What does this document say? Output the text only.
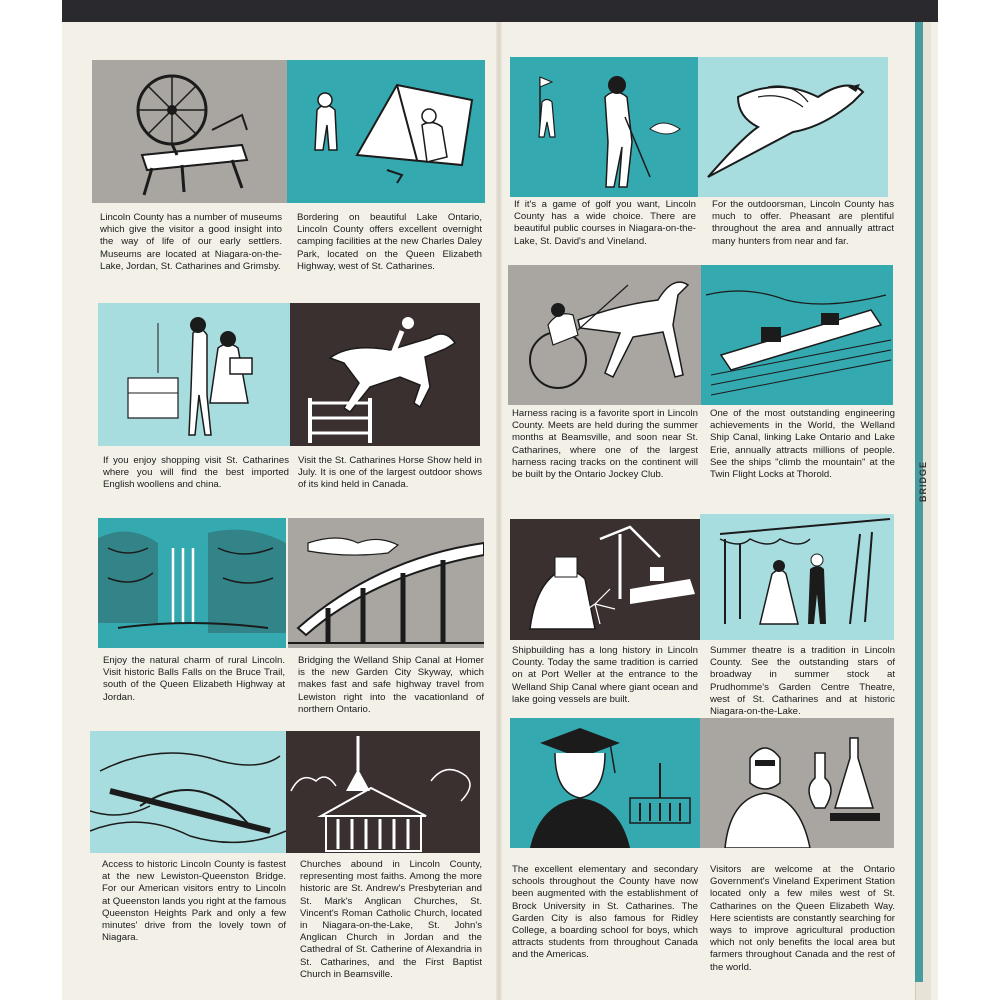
BRIDGE
Lincoln County has a number of museums which give the visitor a good insight into the way of life of our early settlers. Museums are located at Niagara-on-the-Lake, Jordan, St. Catharines and Grimsby.
Bordering on beautiful Lake Ontario, Lincoln County offers excellent overnight camping facilities at the new Charles Daley Park, located on the Queen Elizabeth Highway, west of St. Catharines.
If you enjoy shopping visit St. Catharines where you will find the best imported English woollens and china.
Visit the St. Catharines Horse Show held in July. It is one of the largest outdoor shows of its kind held in Canada.
Enjoy the natural charm of rural Lincoln. Visit historic Balls Falls on the Bruce Trail, south of the Queen Elizabeth Highway at Jordan.
Bridging the Welland Ship Canal at Homer is the new Garden City Skyway, which makes fast and safe highway travel from Lewiston right into the vacationland of northern Ontario.
Access to historic Lincoln County is fastest at the new Lewiston-Queenston Bridge. For our American visitors entry to Lincoln at Queenston lands you right at the famous Queenston Heights Park and only a few minutes' drive from the lovely town of Niagara.
Churches abound in Lincoln County, representing most faiths. Among the more historic are St. Andrew's Presbyterian and St. Mark's Anglican Churches, St. Vincent's Roman Catholic Church, located in Niagara-on-the-Lake, St. John's Anglican Church in Jordan and the Cathedral of St. Catherine of Alexandria in St. Catharines, and the First Baptist Church in Beamsville.
If it's a game of golf you want, Lincoln County has a wide choice. There are beautiful public courses in Niagara-on-the-Lake, St. David's and Vineland.
For the outdoorsman, Lincoln County has much to offer. Pheasant are plentiful throughout the area and annually attract many hunters from near and far.
Harness racing is a favorite sport in Lincoln County. Meets are held during the summer months at Beamsville, and soon near St. Catharines, where one of the largest harness racing tracks on the continent will be built by the Ontario Jockey Club.
One of the most outstanding engineering achievements in the World, the Welland Ship Canal, linking Lake Ontario and Lake Erie, annually attracts millions of people. See the ships "climb the mountain" at the Twin Flight Locks at Thorold.
Shipbuilding has a long history in Lincoln County. Today the same tradition is carried on at Port Weller at the entrance to the Welland Ship Canal where giant ocean and lake going vessels are built.
Summer theatre is a tradition in Lincoln County. See the outstanding stars of broadway in summer stock at Prudhomme's Garden Centre Theatre, west of St. Catharines and at historic Niagara-on-the-Lake.
The excellent elementary and secondary schools throughout the County have now been augmented with the establishment of Brock University in St. Catharines. The Garden City is also famous for Ridley College, a boarding school for boys, which attracts students from throughout Canada and the Americas.
Visitors are welcome at the Ontario Government's Vineland Experiment Station located only a few miles west of St. Catharines on the Queen Elizabeth Way. Here scientists are constantly searching for ways to improve agricultural production which not only benefits the local area but farmers throughout Canada and the rest of the world.
